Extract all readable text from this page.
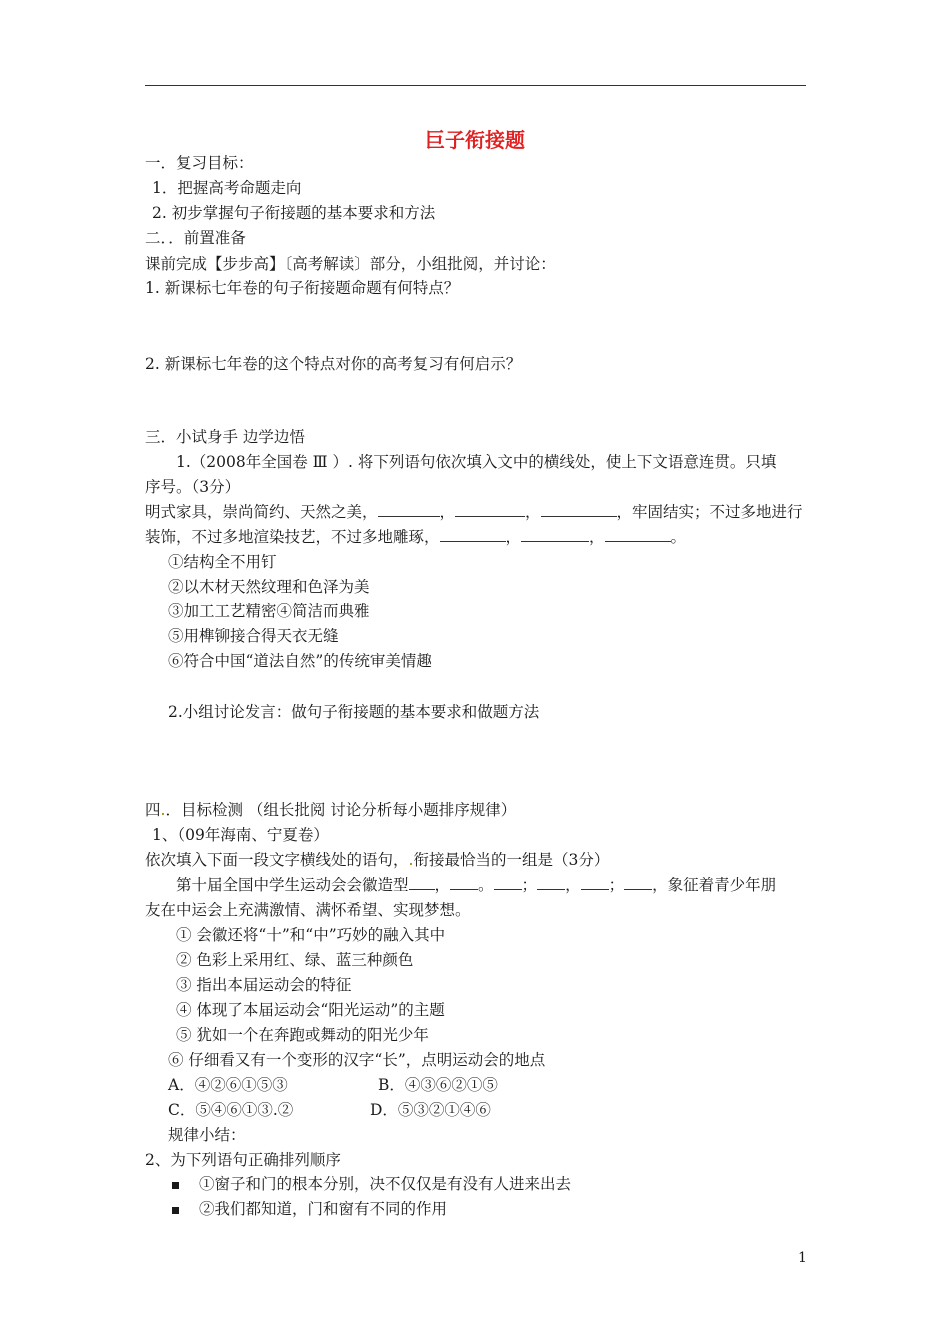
巨子衔接题
一．复习目标：
1．把握高考命题走向
2. 初步掌握句子衔接题的基本要求和方法
二．．前置准备
课前完成【步步高】〔高考解读〕部分，小组批阅，并讨论：
1. 新课标七年卷的句子衔接题命题有何特点？
2. 新课标七年卷的这个特点对你的高考复习有何启示？
三．小试身手 边学边悟
1.（2008年全国卷 Ⅲ ）. 将下列语句依次填入文中的横线处，使上下文语意连贯。只填
序号。（3分）
明式家具，崇尚简约、天然之美，	，	，	，牢固结实；不过多地进行
装饰，不过多地渲染技艺，不过多地雕琢，	，	，	。
①结构全不用钉
②以木材天然纹理和色泽为美
③加工工艺精密④简洁而典雅
⑤用榫铆接合得天衣无缝
⑥符合中国“道法自然”的传统审美情趣
2.小组讨论发言：做句子衔接题的基本要求和做题方法
四.．目标检测 （组长批阅 讨论分析每小题排序规律）
1、（09年海南、宁夏卷）
依次填入下面一段文字横线处的语句，.衔接最恰当的一组是（3分）
第十届全国中学生运动会会徽造型 ， 。 ； ， ； ，象征着青少年朋
友在中运会上充满激情、满怀希望、实现梦想。
① 会徽还将“十”和“中”巧妙的融入其中
② 色彩上采用红、绿、蓝三种颜色
③ 指出本届运动会的特征
④ 体现了本届运动会“阳光运动”的主题
⑤ 犹如一个在奔跑或舞动的阳光少年
⑥ 仔细看又有一个变形的汉字“长”，点明运动会的地点
A．④②⑥①⑤③	B．④③⑥②①⑤
C．⑤④⑥①③.②	D．⑤③②①④⑥
规律小结：
2、为下列语句正确排列顺序
①窗子和门的根本分别，决不仅仅是有没有人进来出去
②我们都知道，门和窗有不同的作用
1
